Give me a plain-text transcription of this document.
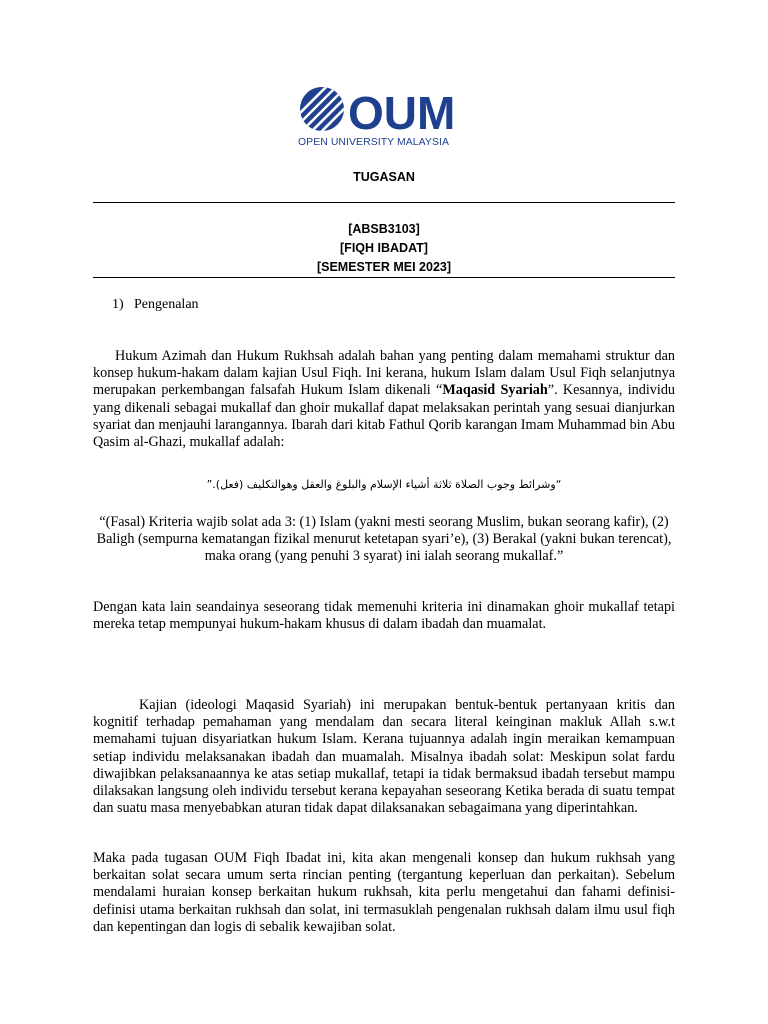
OUM
OPEN UNIVERSITY MALAYSIA
TUGASAN
[ABSB3103]
[FIQH IBADAT]
[SEMESTER MEI 2023]
1) Pengenalan

Hukum Azimah dan Hukum Rukhsah adalah bahan yang penting dalam memahami struktur dan konsep hukum-hakam dalam kajian Usul Fiqh. Ini kerana, hukum Islam dalam Usul Fiqh selanjutnya merupakan perkembangan falsafah Hukum Islam dikenali “Maqasid Syariah”. Kesannya, individu yang dikenali sebagai mukallaf dan ghoir mukallaf dapat melaksakan perintah yang sesuai dianjurkan syariat dan menjauhi larangannya. Ibarah dari kitab Fathul Qorib karangan Imam Muhammad bin Abu Qasim al-Ghazi, mukallaf adalah:

“وشرائط وجوب الصلاة ثلاثة أشياء الإسلام والبلوغ والعقل وهوالتكليف (فعل).”

“(Fasal) Kriteria wajib solat ada 3: (1) Islam (yakni mesti seorang Muslim, bukan seorang kafir), (2) Baligh (sempurna kematangan fizikal menurut ketetapan syari’e), (3) Berakal (yakni bukan terencat), maka orang (yang penuhi 3 syarat) ini ialah seorang mukallaf.”

Dengan kata lain seandainya seseorang tidak memenuhi kriteria ini dinamakan ghoir mukallaf tetapi mereka tetap mempunyai hukum-hakam khusus di dalam ibadah dan muamalat.

Kajian (ideologi Maqasid Syariah) ini merupakan bentuk-bentuk pertanyaan kritis dan kognitif terhadap pemahaman yang mendalam dan secara literal keinginan makluk Allah s.w.t memahami tujuan disyariatkan hukum Islam. Kerana tujuannya adalah ingin meraikan kemampuan setiap individu melaksanakan ibadah dan muamalah. Misalnya ibadah solat: Meskipun solat fardu diwajibkan pelaksanaannya ke atas setiap mukallaf, tetapi ia tidak bermaksud ibadah tersebut mampu dilaksakan langsung oleh individu tersebut kerana kepayahan seseorang Ketika berada di suatu tempat dan suatu masa menyebabkan aturan tidak dapat dilaksanakan sebagaimana yang diperintahkan.

Maka pada tugasan OUM Fiqh Ibadat ini, kita akan mengenali konsep dan hukum rukhsah yang berkaitan solat secara umum serta rincian penting (tergantung keperluan dan perkaitan). Sebelum mendalami huraian konsep berkaitan hukum rukhsah, kita perlu mengetahui dan fahami definisi-definisi utama berkaitan rukhsah dan solat, ini termasuklah pengenalan rukhsah dalam ilmu usul fiqh dan kepentingan dan logis di sebalik kewajiban solat.
